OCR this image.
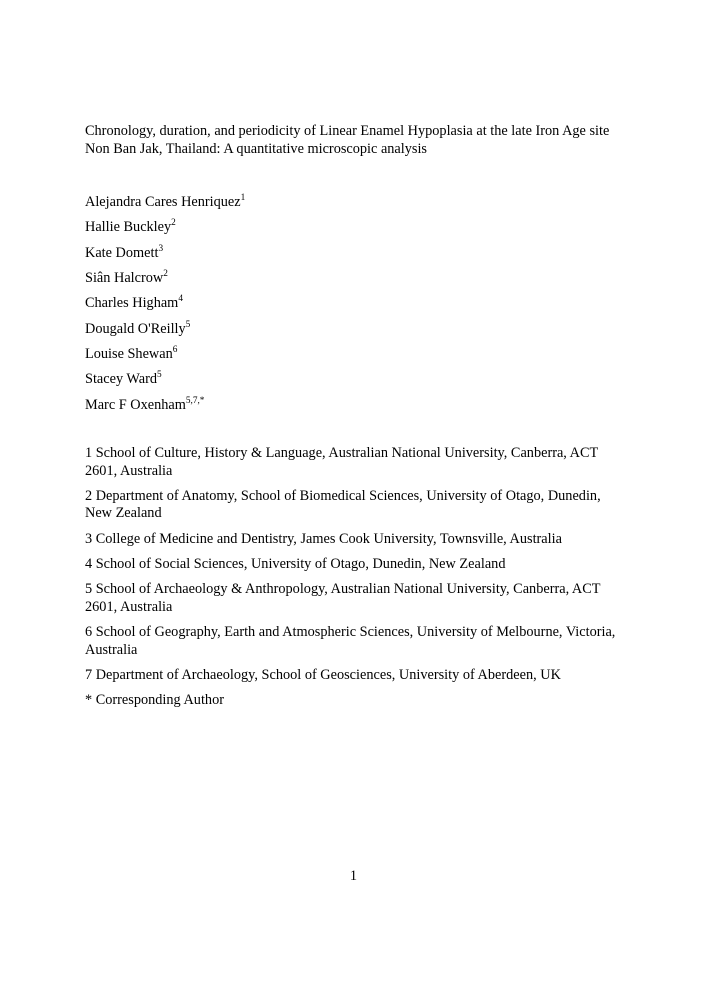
Chronology, duration, and periodicity of Linear Enamel Hypoplasia at the late Iron Age site Non Ban Jak, Thailand: A quantitative microscopic analysis

Alejandra Cares Henriquez$^1$

Hallie Buckley$^2$

Kate Domett$^3$

Siân Halcrow$^2$

Charles Higham$^4$

Dougald O'Reilly$^5$

Louise Shewan$^6$

Stacey Ward$^5$

Marc F Oxenham$^{5,7,*}$

1 School of Culture, History & Language, Australian National University, Canberra, ACT 2601, Australia

2 Department of Anatomy, School of Biomedical Sciences, University of Otago, Dunedin, New Zealand

3 College of Medicine and Dentistry, James Cook University, Townsville, Australia

4 School of Social Sciences, University of Otago, Dunedin, New Zealand

5 School of Archaeology & Anthropology, Australian National University, Canberra, ACT 2601, Australia

6 School of Geography, Earth and Atmospheric Sciences, University of Melbourne, Victoria, Australia

7 Department of Archaeology, School of Geosciences, University of Aberdeen, UK

* Corresponding Author

1
